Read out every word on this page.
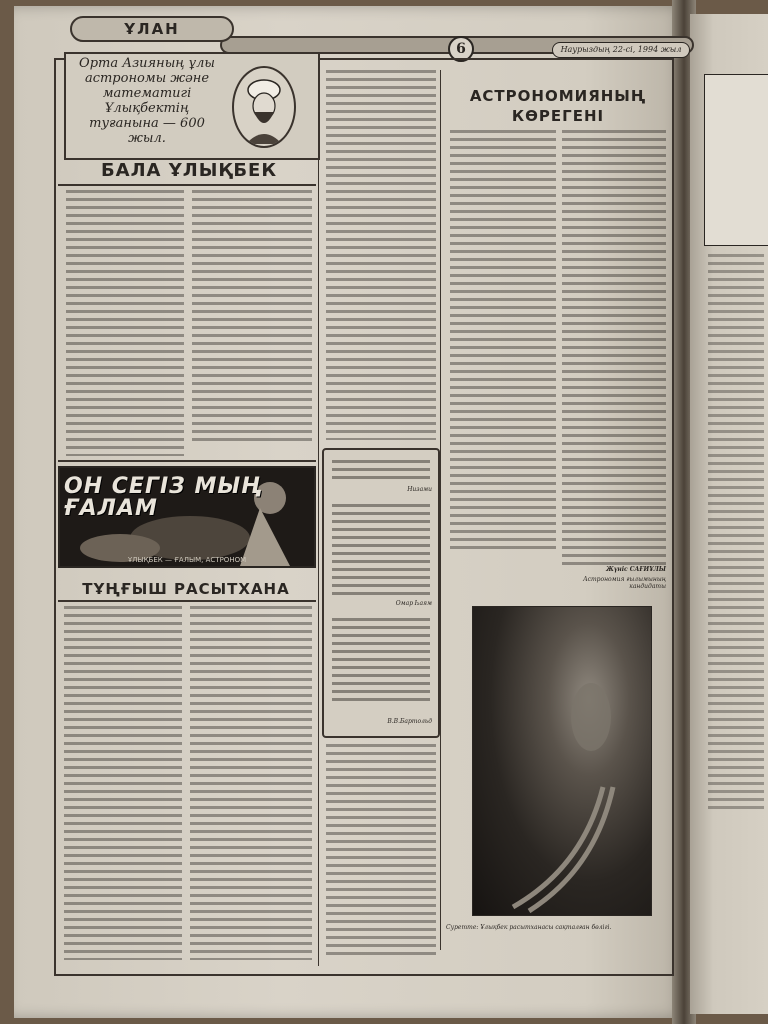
ҰЛАН
6	Наурыздың 22-сі, 1994 жыл
Орта Азияның ұлы астрономы және математигі Ұлықбектің туғанына — 600 жыл.
БАЛА ҰЛЫҚБЕК
ОН СЕГІЗ МЫҢ ҒАЛАМ
ҰЛЫҚБЕК — ҒАЛЫМ, АСТРОНОМ
ТҰҢҒЫШ РАСЫТХАНА
Низами
Омар Һаям
В.В.Бартольд
АСТРОНОМИЯНЫҢ КӨРЕГЕНІ
Жүніс САҒИҰЛЫ
Астрономия ғылымының кандидаты
Суретте: Ұлықбек расытханасы сақталған бөлігі.
